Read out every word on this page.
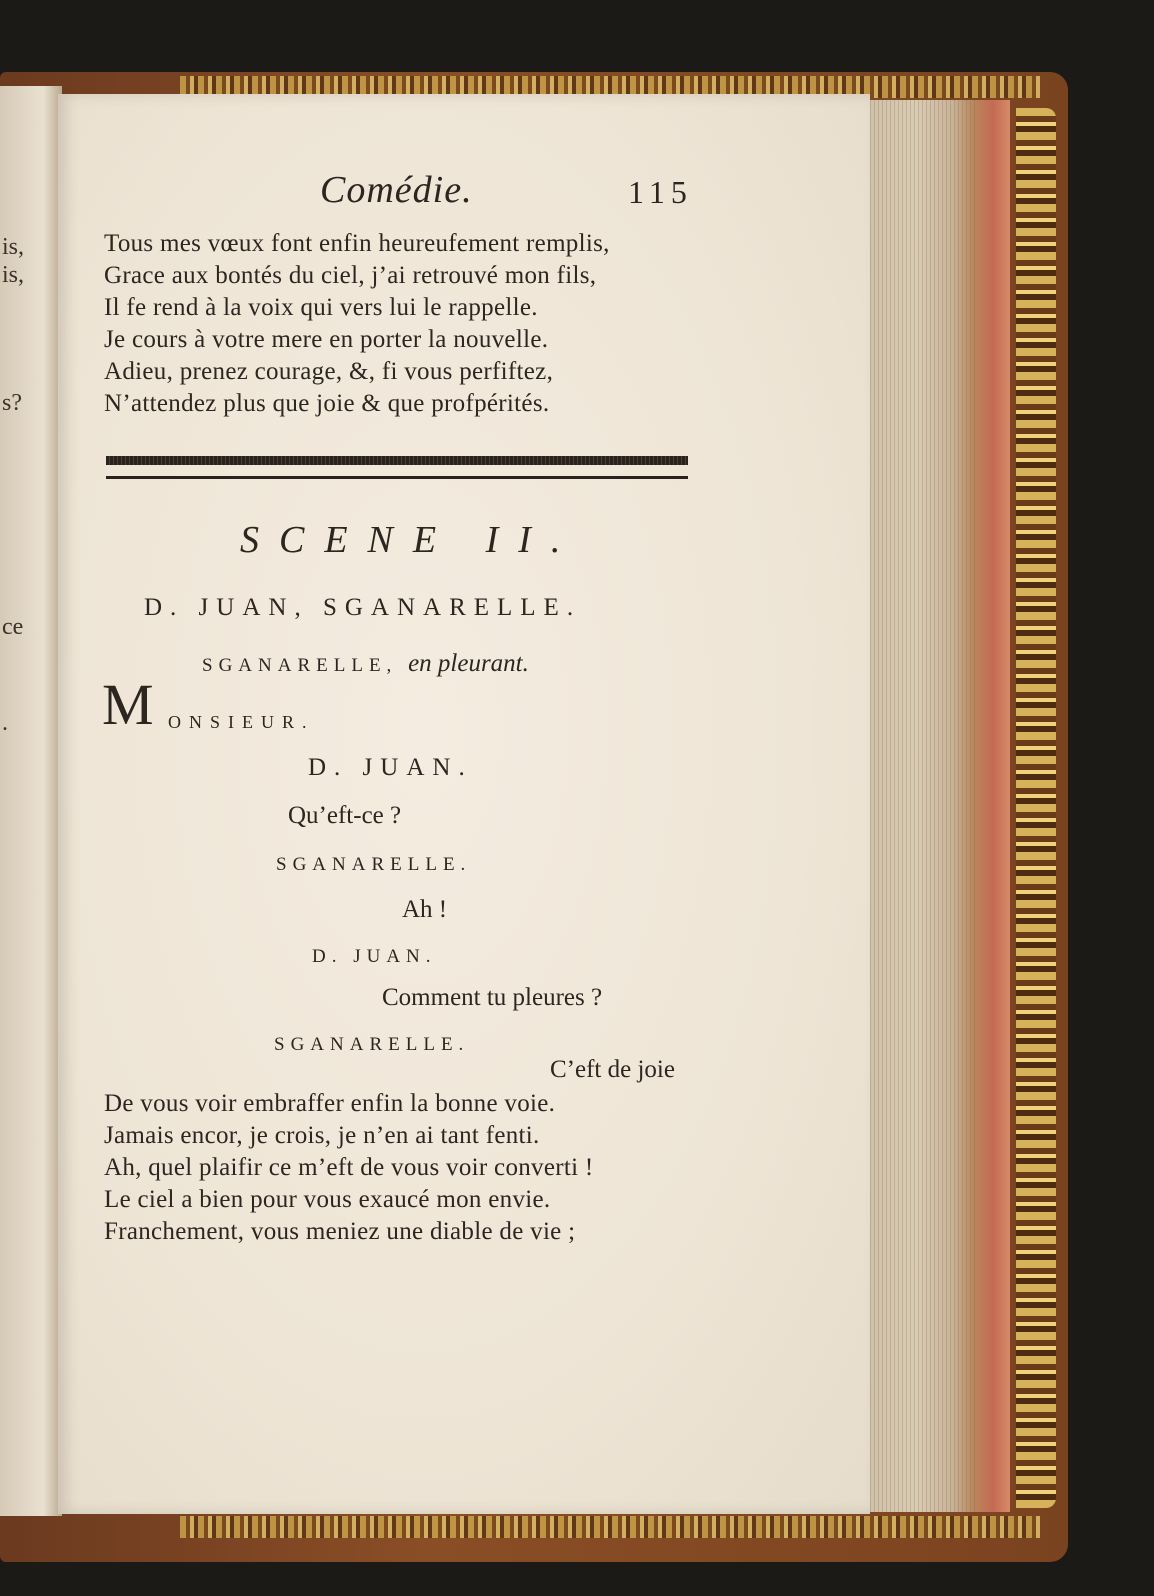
is,
is,
s?
ce
.
Comédie.	115
Tous mes vœux font enfin heureufement remplis,
Grace aux bontés du ciel, j’ai retrouvé mon fils,
Il fe rend à la voix qui vers lui le rappelle.
Je cours à votre mere en porter la nouvelle.
Adieu, prenez courage, &, fi vous perfiftez,
N’attendez plus que joie & que profpérités.
SCENE II.
D. JUAN, SGANARELLE.
SGANARELLE, en pleurant.
M ONSIEUR.
D. JUAN.
Qu’eft-ce ?
SGANARELLE.
Ah !
D. JUAN.
Comment tu pleures ?
SGANARELLE.
C’eft de joie
De vous voir embraffer enfin la bonne voie.
Jamais encor, je crois, je n’en ai tant fenti.
Ah, quel plaifir ce m’eft de vous voir converti !
Le ciel a bien pour vous exaucé mon envie.
Franchement, vous meniez une diable de vie ;
